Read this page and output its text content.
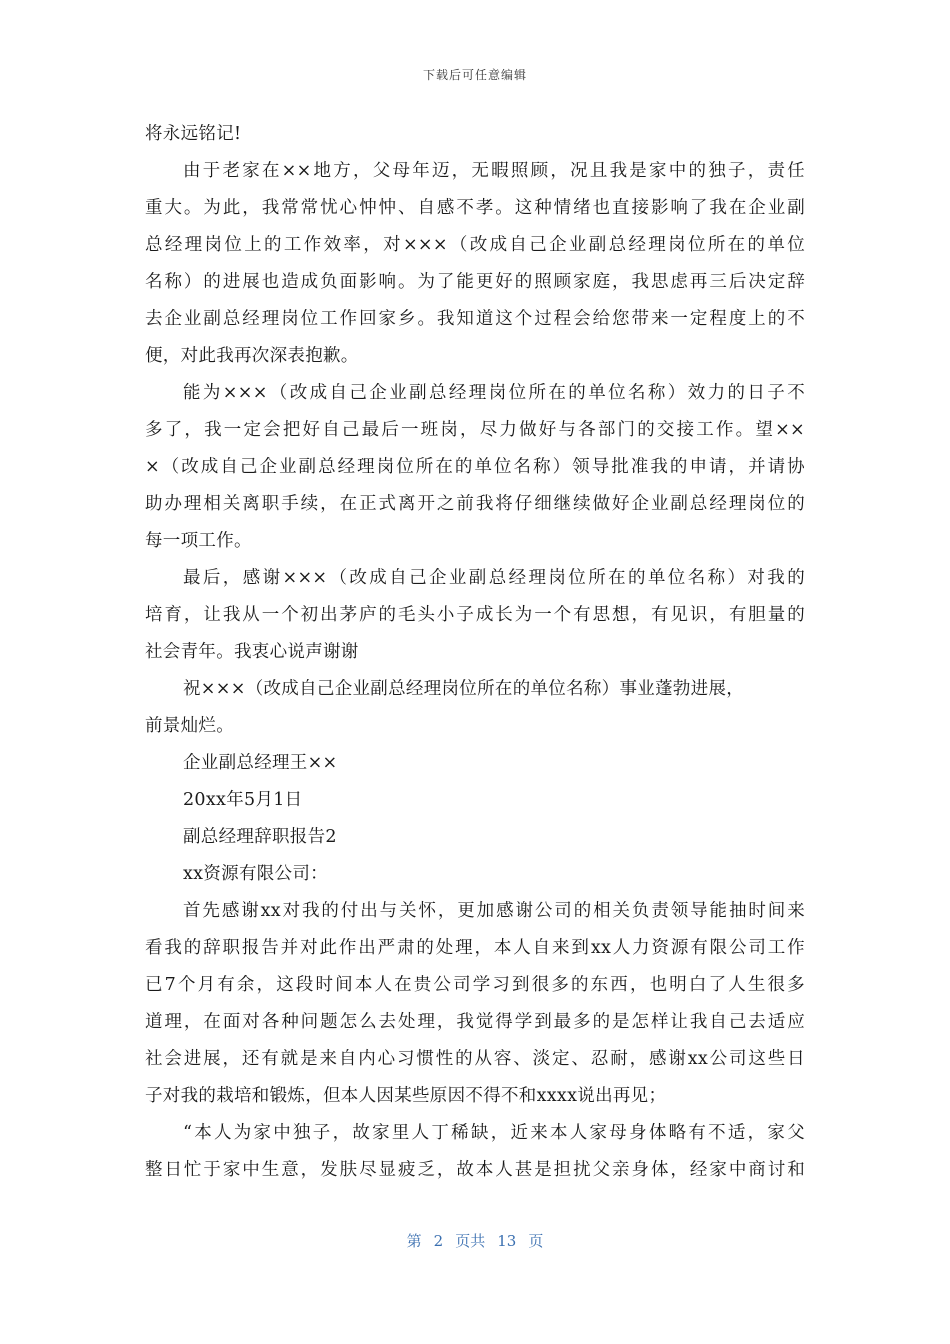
下载后可任意编辑
将永远铭记!
由于老家在××地方，父母年迈，无暇照顾，况且我是家中的独子，责任
重大。为此，我常常忧心忡忡、自感不孝。这种情绪也直接影响了我在企业副
总经理岗位上的工作效率，对×××（改成自己企业副总经理岗位所在的单位
名称）的进展也造成负面影响。为了能更好的照顾家庭，我思虑再三后决定辞
去企业副总经理岗位工作回家乡。我知道这个过程会给您带来一定程度上的不
便，对此我再次深表抱歉。
能为×××（改成自己企业副总经理岗位所在的单位名称）效力的日子不
多了，我一定会把好自己最后一班岗，尽力做好与各部门的交接工作。望××
×（改成自己企业副总经理岗位所在的单位名称）领导批准我的申请，并请协
助办理相关离职手续，在正式离开之前我将仔细继续做好企业副总经理岗位的
每一项工作。
最后，感谢×××（改成自己企业副总经理岗位所在的单位名称）对我的
培育，让我从一个初出茅庐的毛头小子成长为一个有思想，有见识，有胆量的
社会青年。我衷心说声谢谢
祝×××（改成自己企业副总经理岗位所在的单位名称）事业蓬勃进展，
前景灿烂。
企业副总经理王××
20xx年5月1日
副总经理辞职报告2
xx资源有限公司：
首先感谢xx对我的付出与关怀，更加感谢公司的相关负责领导能抽时间来
看我的辞职报告并对此作出严肃的处理，本人自来到xx人力资源有限公司工作
已7个月有余，这段时间本人在贵公司学习到很多的东西，也明白了人生很多
道理，在面对各种问题怎么去处理，我觉得学到最多的是怎样让我自己去适应
社会进展，还有就是来自内心习惯性的从容、淡定、忍耐，感谢xx公司这些日
子对我的栽培和锻炼，但本人因某些原因不得不和xxxx说出再见；
“本人为家中独子，故家里人丁稀缺，近来本人家母身体略有不适，家父
整日忙于家中生意，发肤尽显疲乏，故本人甚是担扰父亲身体，经家中商讨和
第 2 页共 13 页
